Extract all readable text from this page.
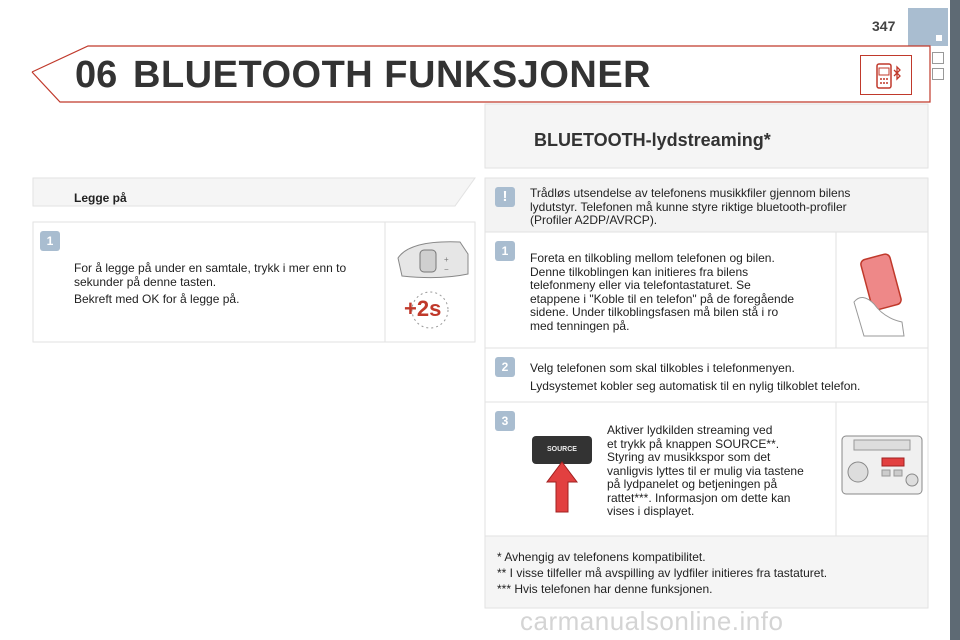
347
06 BLUETOOTH FUNKSJONER
Legge på
1
For å legge på under en samtale, trykk i mer enn to
sekunder på denne tasten.
Bekreft med OK for å legge på.
+
−
+2s
BLUETOOTH-lydstreaming*
!	Trådløs utsendelse av telefonens musikkfiler gjennom bilens
lydutstyr. Telefonen må kunne styre riktige bluetooth-profiler
(Profiler A2DP/AVRCP).
1	Foreta en tilkobling mellom telefonen og bilen.
Denne tilkoblingen kan initieres fra bilens
telefonmeny eller via telefontastaturet. Se
etappene i "Koble til en telefon" på de foregående
sidene. Under tilkoblingsfasen må bilen stå i ro
med tenningen på.
2	Velg telefonen som skal tilkobles i telefonmenyen.
Lydsystemet kobler seg automatisk til en nylig tilkoblet telefon.
3
Aktiver lydkilden streaming ved
et trykk på knappen SOURCE**.
Styring av musikkspor som det
vanligvis lyttes til er mulig via tastene
på lydpanelet og betjeningen på
rattet***. Informasjon om dette kan
vises i displayet.
SOURCE
* Avhengig av telefonens kompatibilitet.
** I visse tilfeller må avspilling av lydfiler initieres fra tastaturet.
*** Hvis telefonen har denne funksjonen.
carmanualsonline.info
